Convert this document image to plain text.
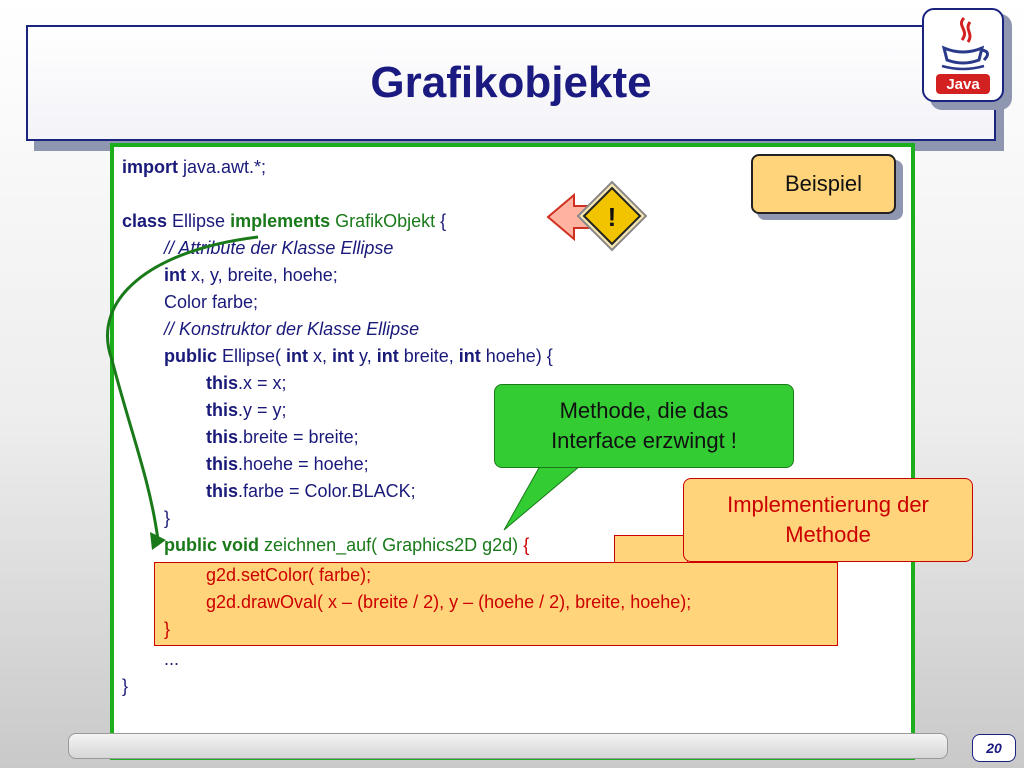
Grafikobjekte	Java
import java.awt.*;
class Ellipse implements GrafikObjekt {
// Attribute der Klasse Ellipse
int x, y, breite, hoehe;
Color farbe;
// Konstruktor der Klasse Ellipse
public Ellipse( int x, int y, int breite, int hoehe) {
this.x = x;
this.y = y;
this.breite = breite;
this.hoehe = hoehe;
this.farbe = Color.BLACK;
}
public void zeichnen_auf( Graphics2D g2d) {
g2d.setColor( farbe);
g2d.drawOval( x – (breite / 2), y – (hoehe / 2), breite, hoehe);
}
...
}
!
Beispiel
Methode, die das
Interface erzwingt !
Implementierung der
Methode
20
